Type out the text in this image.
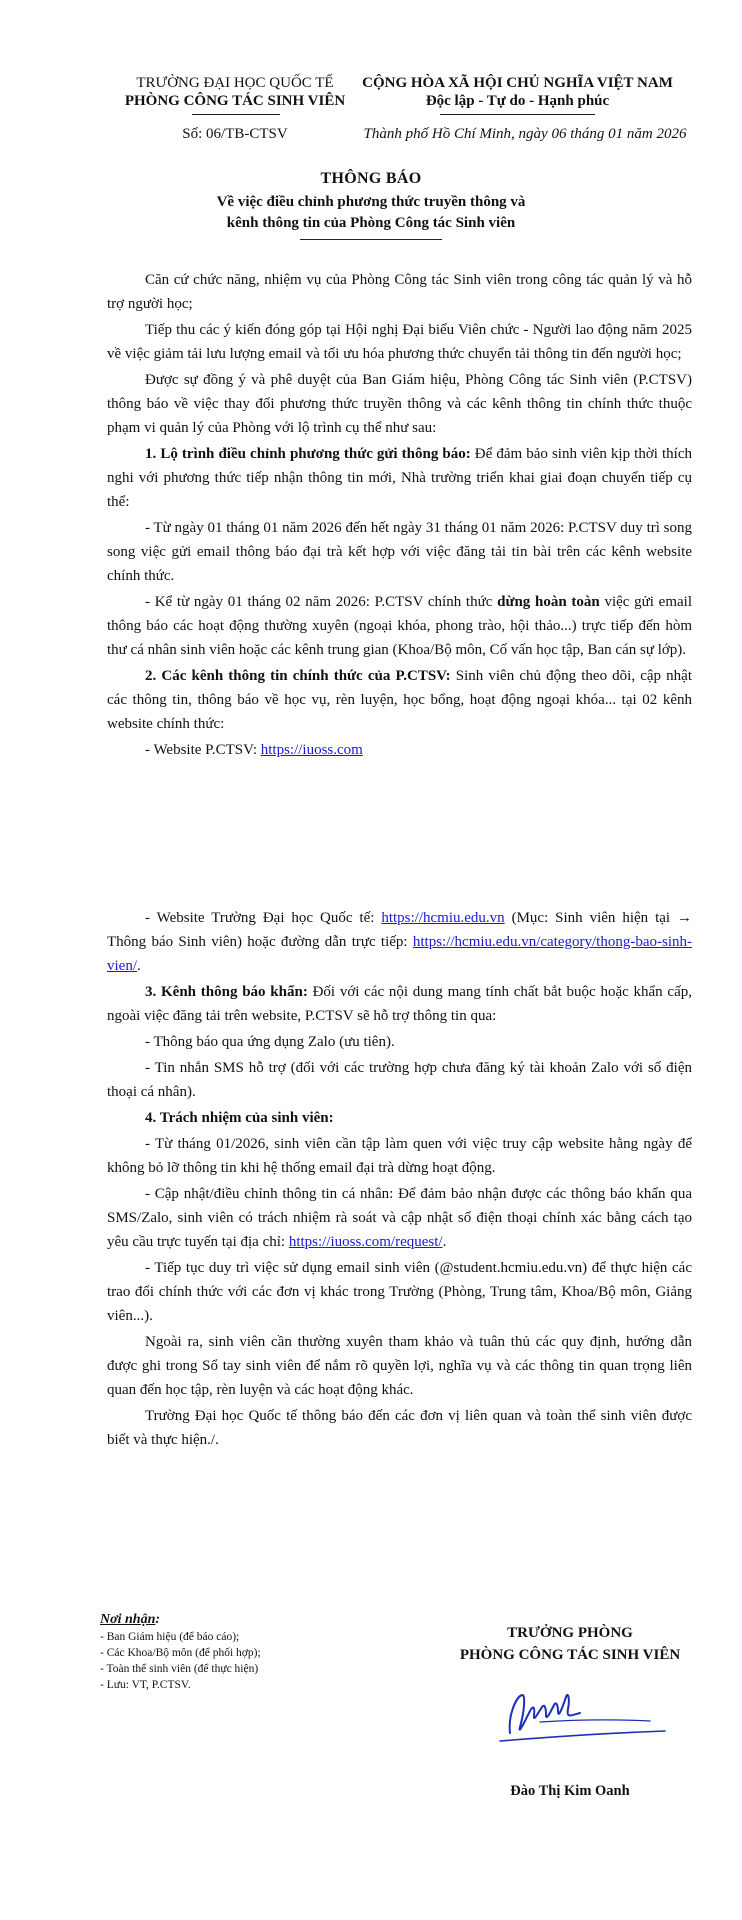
TRƯỜNG ĐẠI HỌC QUỐC TẾ
PHÒNG CÔNG TÁC SINH VIÊN
CỘNG HÒA XÃ HỘI CHỦ NGHĨA VIỆT NAM
Độc lập - Tự do - Hạnh phúc
Số: 06/TB-CTSV	Thành phố Hồ Chí Minh, ngày 06 tháng 01 năm 2026
THÔNG BÁO
Về việc điều chỉnh phương thức truyền thông và
kênh thông tin của Phòng Công tác Sinh viên

Căn cứ chức năng, nhiệm vụ của Phòng Công tác Sinh viên trong công tác quản lý và hỗ trợ người học;

Tiếp thu các ý kiến đóng góp tại Hội nghị Đại biểu Viên chức - Người lao động năm 2025 về việc giảm tải lưu lượng email và tối ưu hóa phương thức chuyển tải thông tin đến người học;

Được sự đồng ý và phê duyệt của Ban Giám hiệu, Phòng Công tác Sinh viên (P.CTSV) thông báo về việc thay đổi phương thức truyền thông và các kênh thông tin chính thức thuộc phạm vi quản lý của Phòng với lộ trình cụ thể như sau:

1. Lộ trình điều chỉnh phương thức gửi thông báo: Để đảm bảo sinh viên kịp thời thích nghi với phương thức tiếp nhận thông tin mới, Nhà trường triển khai giai đoạn chuyển tiếp cụ thể:

- Từ ngày 01 tháng 01 năm 2026 đến hết ngày 31 tháng 01 năm 2026: P.CTSV duy trì song song việc gửi email thông báo đại trà kết hợp với việc đăng tải tin bài trên các kênh website chính thức.

- Kể từ ngày 01 tháng 02 năm 2026: P.CTSV chính thức dừng hoàn toàn việc gửi email thông báo các hoạt động thường xuyên (ngoại khóa, phong trào, hội thảo...) trực tiếp đến hòm thư cá nhân sinh viên hoặc các kênh trung gian (Khoa/Bộ môn, Cố vấn học tập, Ban cán sự lớp).

2. Các kênh thông tin chính thức của P.CTSV: Sinh viên chủ động theo dõi, cập nhật các thông tin, thông báo về học vụ, rèn luyện, học bổng, hoạt động ngoại khóa... tại 02 kênh website chính thức:

- Website P.CTSV: https://iuoss.com

- Website Trường Đại học Quốc tế: https://hcmiu.edu.vn (Mục: Sinh viên hiện tại → Thông báo Sinh viên) hoặc đường dẫn trực tiếp: https://hcmiu.edu.vn/category/thong-bao-sinh-vien/.

3. Kênh thông báo khẩn: Đối với các nội dung mang tính chất bắt buộc hoặc khẩn cấp, ngoài việc đăng tải trên website, P.CTSV sẽ hỗ trợ thông tin qua:

- Thông báo qua ứng dụng Zalo (ưu tiên).

- Tin nhắn SMS hỗ trợ (đối với các trường hợp chưa đăng ký tài khoản Zalo với số điện thoại cá nhân).

4. Trách nhiệm của sinh viên:

- Từ tháng 01/2026, sinh viên cần tập làm quen với việc truy cập website hằng ngày để không bỏ lỡ thông tin khi hệ thống email đại trà dừng hoạt động.

- Cập nhật/điều chỉnh thông tin cá nhân: Để đảm bảo nhận được các thông báo khẩn qua SMS/Zalo, sinh viên có trách nhiệm rà soát và cập nhật số điện thoại chính xác bằng cách tạo yêu cầu trực tuyến tại địa chỉ: https://iuoss.com/request/.

- Tiếp tục duy trì việc sử dụng email sinh viên (@student.hcmiu.edu.vn) để thực hiện các trao đổi chính thức với các đơn vị khác trong Trường (Phòng, Trung tâm, Khoa/Bộ môn, Giảng viên...).

Ngoài ra, sinh viên cần thường xuyên tham khảo và tuân thủ các quy định, hướng dẫn được ghi trong Sổ tay sinh viên để nắm rõ quyền lợi, nghĩa vụ và các thông tin quan trọng liên quan đến học tập, rèn luyện và các hoạt động khác.

Trường Đại học Quốc tế thông báo đến các đơn vị liên quan và toàn thể sinh viên được biết và thực hiện./.

Nơi nhận:
- Ban Giám hiệu (để báo cáo);
- Các Khoa/Bộ môn (để phối hợp);
- Toàn thể sinh viên (để thực hiện)
- Lưu: VT, P.CTSV.
TRƯỞNG PHÒNG
PHÒNG CÔNG TÁC SINH VIÊN
Đào Thị Kim Oanh
